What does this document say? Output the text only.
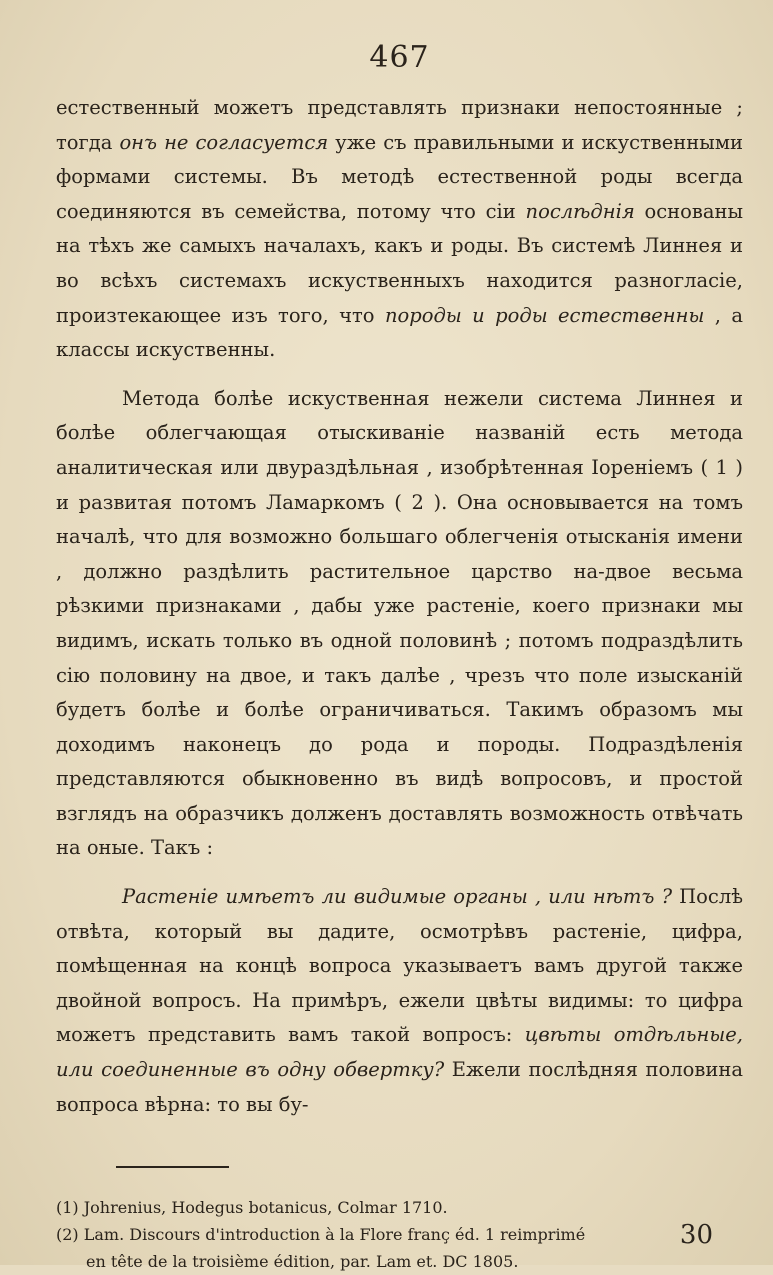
467

естественный можетъ представлять признаки непостоянные ; тогда онъ не согласуется уже съ правильными и искуственными формами системы. Въ методѣ естественной роды всегда соединяются въ семейства, потому что сіи послѣднія основаны на тѣхъ же самыхъ началахъ, какъ и роды. Въ системѣ Линнея и во всѣхъ системахъ искуственныхъ находится разногласіе, произтекающее изъ того, что породы и роды естественны , а классы искуственны.

Метода болѣе искуственная нежели система Линнея и болѣе облегчающая отыскиваніе названій есть метода аналитическая или двураздѣльная , изобрѣтенная Іоренiемъ ( 1 ) и развитая потомъ Ламаркомъ ( 2 ). Она основывается на томъ началѣ, что для возможно большаго облегченія отысканія имени , должно раздѣлить растительное царство на-двое весьма рѣзкими признаками , дабы уже растеніе, коего признаки мы видимъ, искать только въ одной половинѣ ; потомъ подраздѣлить сію половину на двое, и такъ далѣе , чрезъ что поле изысканій будетъ болѣе и болѣе ограничиваться. Такимъ образомъ мы доходимъ наконецъ до рода и породы. Подраздѣленія представляются обыкновенно въ видѣ вопросовъ, и простой взглядъ на образчикъ долженъ доставлять возможность отвѣчать на оные. Такъ :

Растеніе имѣетъ ли видимые органы , или нѣтъ ? Послѣ отвѣта, который вы дадите, осмотрѣвъ растеніе, цифра, помѣщенная на концѣ вопроса указываетъ вамъ другой также двойной вопросъ. На примѣръ, ежели цвѣты видимы: то цифра можетъ представить вамъ такой вопросъ: цвѣты отдѣльные, или соединенные въ одну обвертку? Ежели послѣдняя половина вопроса вѣрна: то вы бу-

(1) Johrenius, Hodegus botanicus, Colmar 1710.

(2) Lam. Discours d'introduction à la Flore franç éd. 1 reimprimé
en tête de la troisième édition, par. Lam et. DC 1805.

30
